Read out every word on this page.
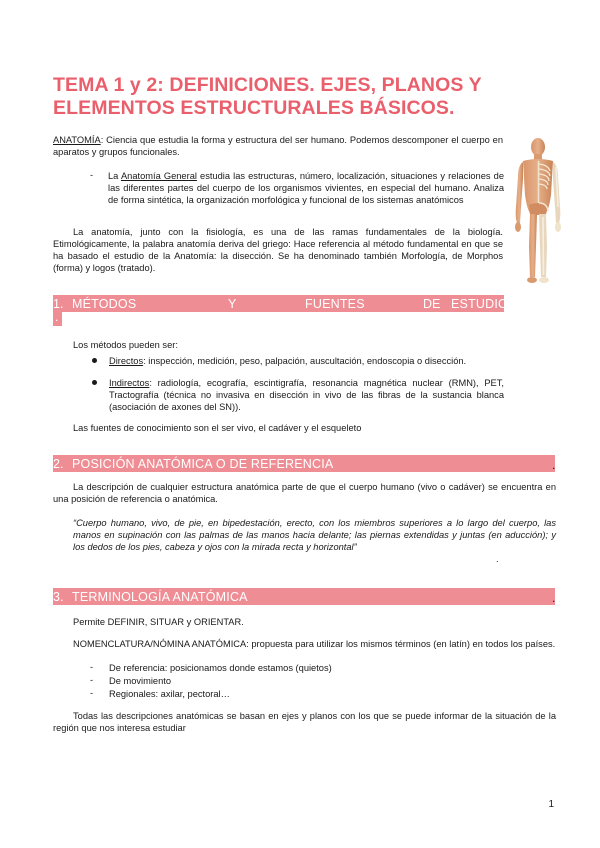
TEMA 1 y 2: DEFINICIONES. EJES, PLANOS Y ELEMENTOS ESTRUCTURALES BÁSICOS.

ANATOMÍA: Ciencia que estudia la forma y estructura del ser humano. Podemos descomponer el cuerpo en aparatos y grupos funcionales.

- La Anatomía General estudia las estructuras, número, localización, situaciones y relaciones de las diferentes partes del cuerpo de los organismos vivientes, en especial del humano. Analiza de forma sintética, la organización morfológica y funcional de los sistemas anatómicos

La anatomía, junto con la fisiología, es una de las ramas fundamentales de la biología. Etimológicamente, la palabra anatomía deriva del griego: Hace referencia al método fundamental en que se ha basado el estudio de la Anatomía: la disección. Se ha denominado también Morfología, de Morphos (forma) y logos (tratado).

1. MÉTODOS	Y	FUENTES	DE ESTUDIO
.

Los métodos pueden ser:

Directos: inspección, medición, peso, palpación, auscultación, endoscopia o disección.

Indirectos: radiología, ecografía, escintigrafía, resonancia magnética nuclear (RMN), PET, Tractografía (técnica no invasiva en disección in vivo de las fibras de la sustancia blanca (asociación de axones del SN)).

Las fuentes de conocimiento son el ser vivo, el cadáver y el esqueleto

2. POSICIÓN ANATÓMICA O DE REFERENCIA	.

La descripción de cualquier estructura anatómica parte de que el cuerpo humano (vivo o cadáver) se encuentra en una posición de referencia o anatómica.

“Cuerpo humano, vivo, de pie, en bipedestación, erecto, con los miembros superiores a lo largo del cuerpo, las manos en supinación con las palmas de las manos hacia delante; las piernas extendidas y juntas (en aducción); y los dedos de los pies, cabeza y ojos con la mirada recta y horizontal”

.
3. TERMINOLOGÍA ANATÓMICA	.

Permite DEFINIR, SITUAR y ORIENTAR.

NOMENCLATURA/NÓMINA ANATÓMICA: propuesta para utilizar los mismos términos (en latín) en todos los países.

- De referencia: posicionamos donde estamos (quietos)

- De movimiento

- Regionales: axilar, pectoral…

Todas las descripciones anatómicas se basan en ejes y planos con los que se puede informar de la situación de la región que nos interesa estudiar

1
